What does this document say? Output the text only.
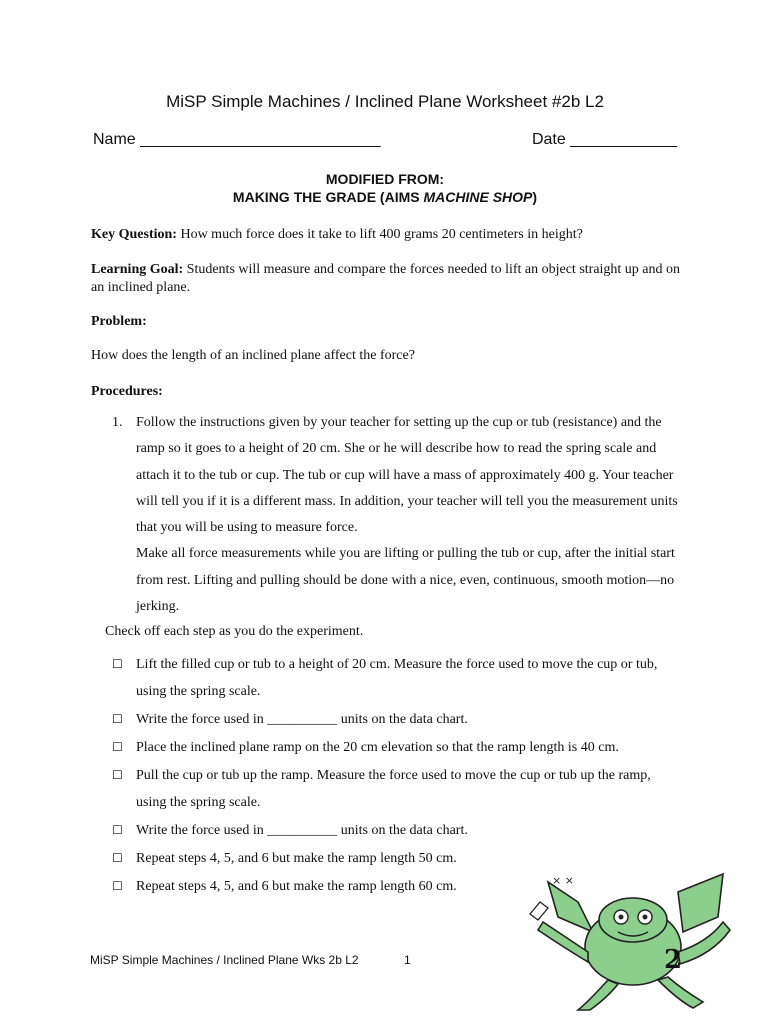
MiSP Simple Machines / Inclined Plane Worksheet #2b L2
Name ___________________________	Date ____________
MODIFIED FROM:
MAKING THE GRADE (AIMS MACHINE SHOP)
Key Question: How much force does it take to lift 400 grams 20 centimeters in height?
Learning Goal: Students will measure and compare the forces needed to lift an object straight up and on an inclined plane.
Problem:
How does the length of an inclined plane affect the force?
Procedures:
1. Follow the instructions given by your teacher for setting up the cup or tub (resistance) and the ramp so it goes to a height of 20 cm. She or he will describe how to read the spring scale and attach it to the tub or cup. The tub or cup will have a mass of approximately 400 g. Your teacher will tell you if it is a different mass. In addition, your teacher will tell you the measurement units that you will be using to measure force.
Make all force measurements while you are lifting or pulling the tub or cup, after the initial start from rest. Lifting and pulling should be done with a nice, even, continuous, smooth motion—no jerking.
Check off each step as you do the experiment.
☐ Lift the filled cup or tub to a height of 20 cm. Measure the force used to move the cup or tub, using the spring scale.
☐ Write the force used in __________ units on the data chart.
☐ Place the inclined plane ramp on the 20 cm elevation so that the ramp length is 40 cm.
☐ Pull the cup or tub up the ramp. Measure the force used to move the cup or tub up the ramp, using the spring scale.
☐ Write the force used in __________ units on the data chart.
☐ Repeat steps 4, 5, and 6 but make the ramp length 50 cm.
☐ Repeat steps 4, 5, and 6 but make the ramp length 60 cm.
MiSP Simple Machines / Inclined Plane Wks 2b L2	1
× ×
2
